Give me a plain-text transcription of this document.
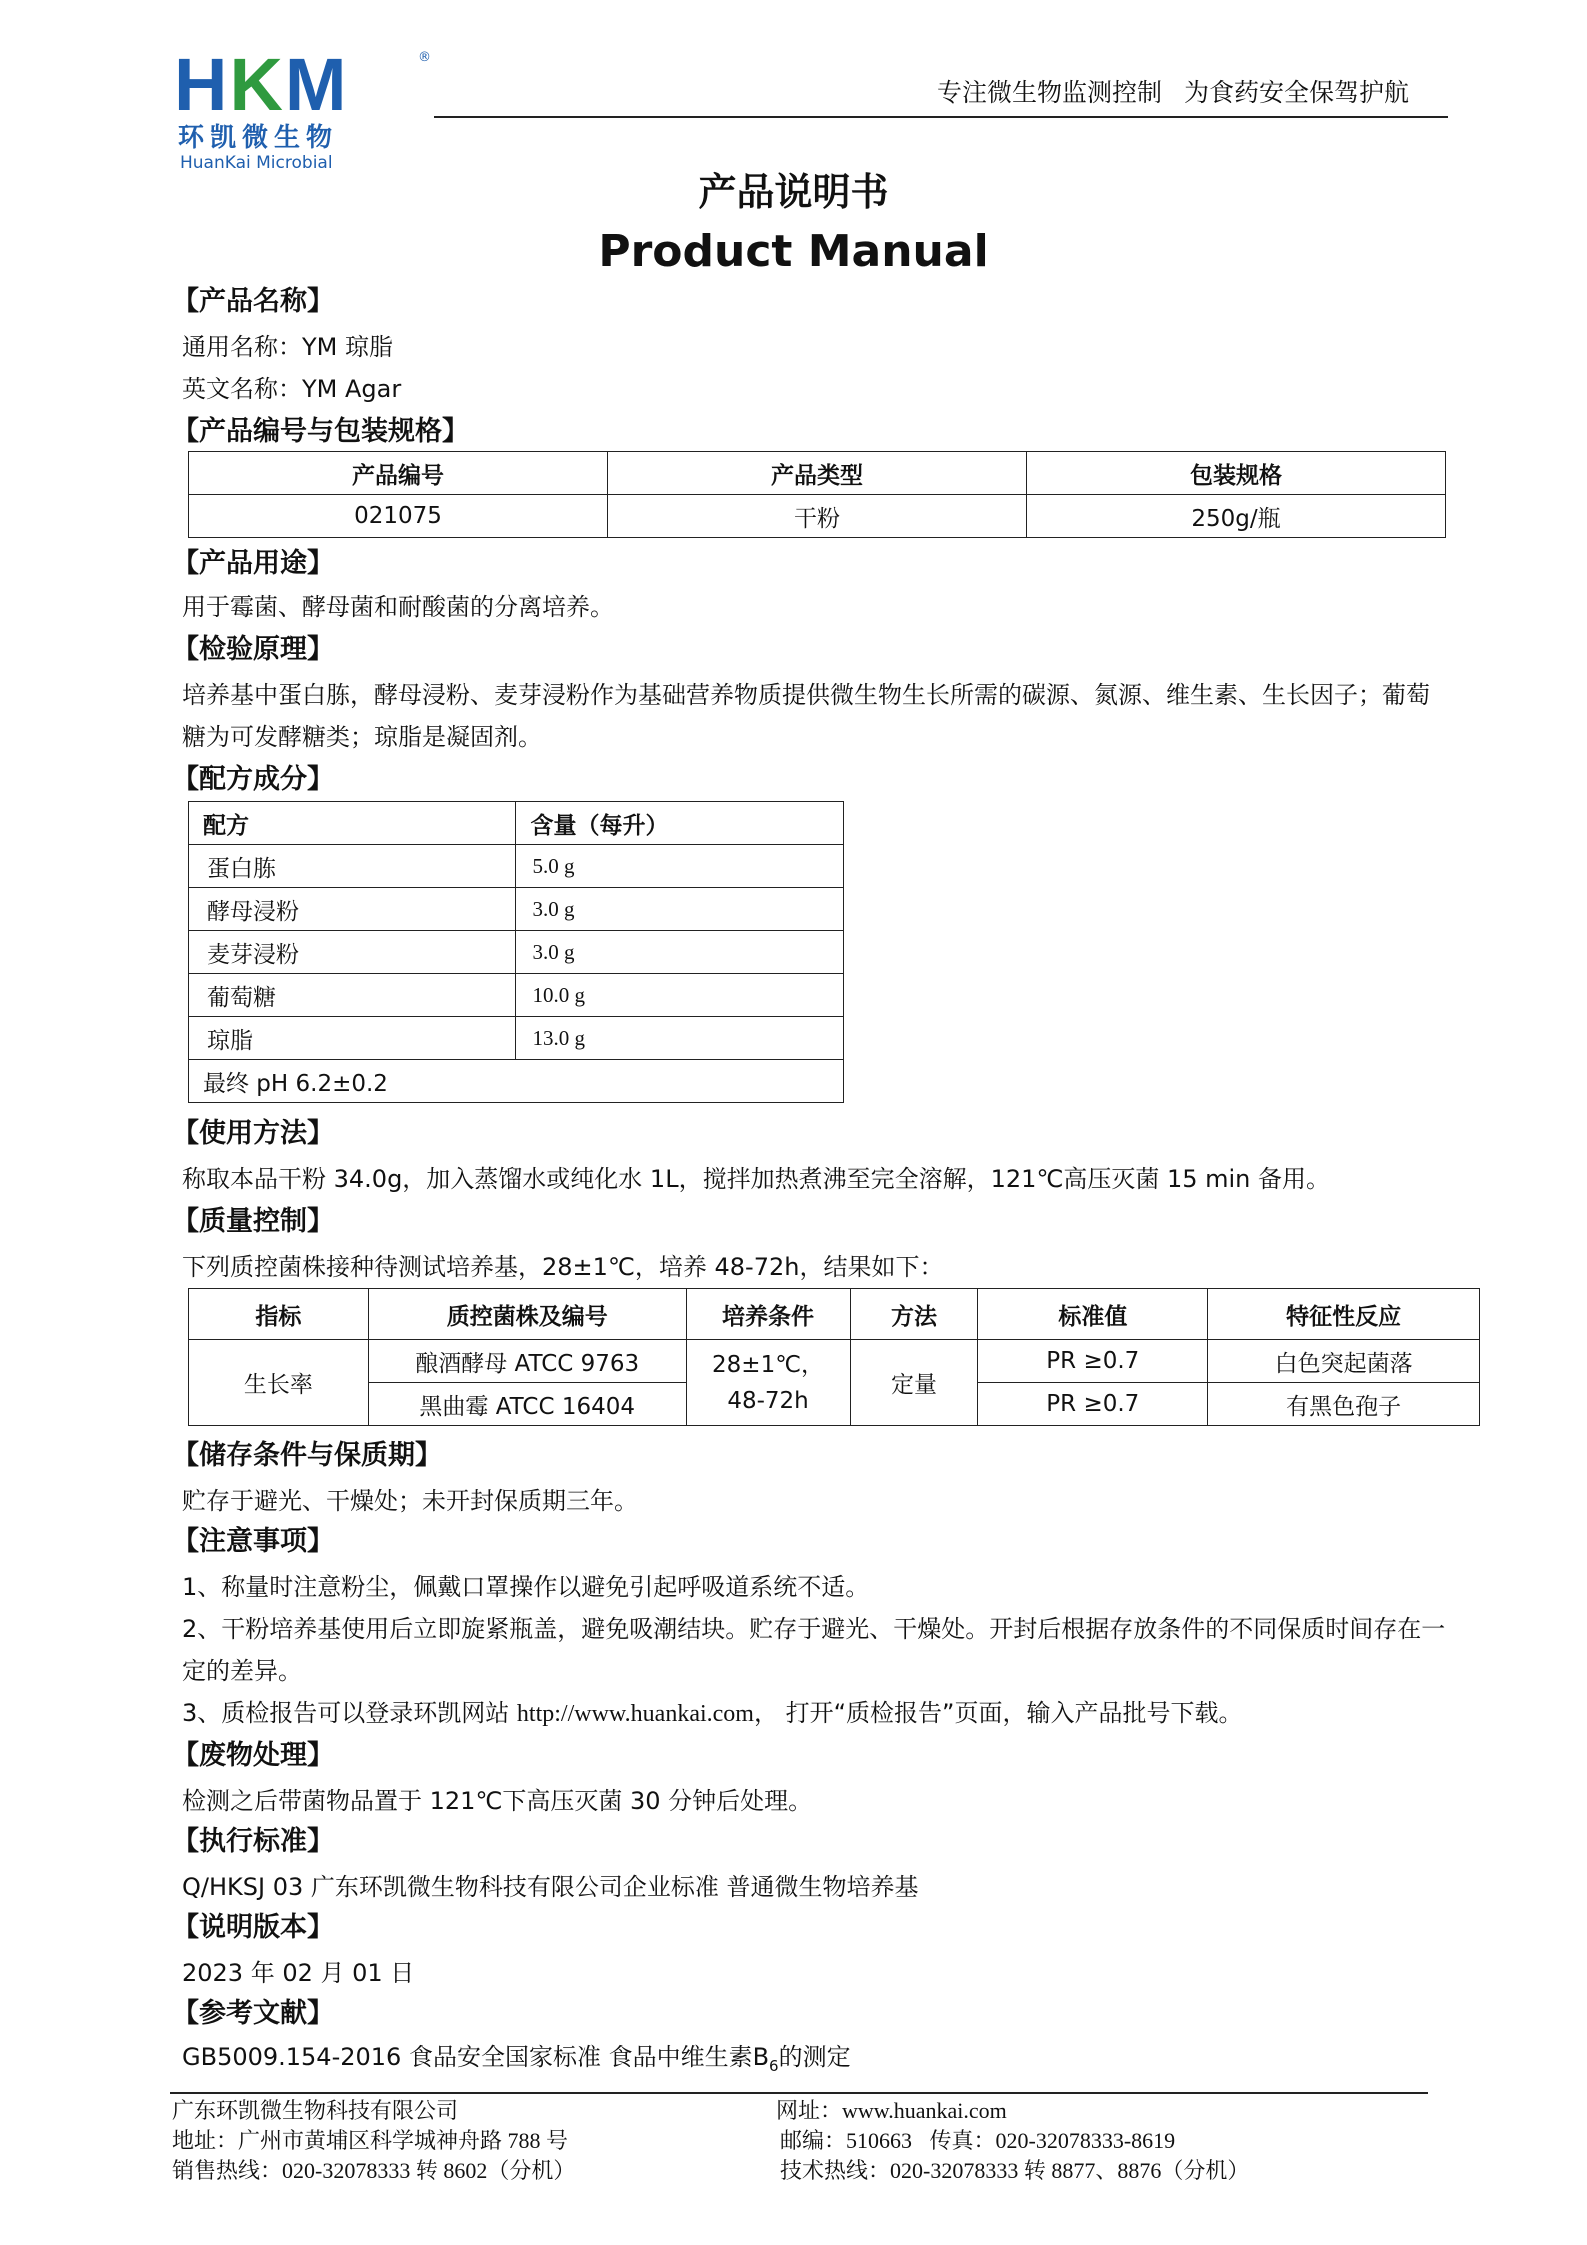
HKM	®
环凯微生物
HuanKai Microbial
专注微生物监测控制 为食药安全保驾护航
产品说明书
Product Manual
【产品名称】
通用名称：YM 琼脂
英文名称：YM Agar
【产品编号与包装规格】
产品编号	产品类型	包装规格
021075	干粉	250g/瓶
【产品用途】
用于霉菌、酵母菌和耐酸菌的分离培养。
【检验原理】
培养基中蛋白胨，酵母浸粉、麦芽浸粉作为基础营养物质提供微生物生长所需的碳源、氮源、维生素、生长因子；葡萄
糖为可发酵糖类；琼脂是凝固剂。
【配方成分】
配方	含量（每升）
蛋白胨	5.0 g
酵母浸粉	3.0 g
麦芽浸粉	3.0 g
葡萄糖	10.0 g
琼脂	13.0 g
最终 pH 6.2±0.2	
【使用方法】
称取本品干粉 34.0g，加入蒸馏水或纯化水 1L，搅拌加热煮沸至完全溶解，121℃高压灭菌 15 min 备用。
【质量控制】
下列质控菌株接种待测试培养基，28±1℃，培养 48-72h，结果如下：
指标	质控菌株及编号	培养条件	方法	标准值	特征性反应
生长率	酿酒酵母 ATCC 9763	28±1℃，
48-72h	定量	PR ≥0.7	白色突起菌落
	黑曲霉 ATCC 16404			PR ≥0.7	有黑色孢子
【储存条件与保质期】
贮存于避光、干燥处；未开封保质期三年。
【注意事项】
1、称量时注意粉尘，佩戴口罩操作以避免引起呼吸道系统不适。
2、干粉培养基使用后立即旋紧瓶盖，避免吸潮结块。贮存于避光、干燥处。开封后根据存放条件的不同保质时间存在一
定的差异。
3、质检报告可以登录环凯网站 http://www.huankai.com， 打开“质检报告”页面，输入产品批号下载。
【废物处理】
检测之后带菌物品置于 121℃下高压灭菌 30 分钟后处理。
【执行标准】
Q/HKSJ 03 广东环凯微生物科技有限公司企业标准 普通微生物培养基
【说明版本】
2023 年 02 月 01 日
【参考文献】
GB5009.154-2016 食品安全国家标准 食品中维生素$B_6$的测定
广东环凯微生物科技有限公司
地址：广州市黄埔区科学城神舟路 788 号
销售热线：020-32078333 转 8602（分机）
网址：www.huankai.com
邮编：510663 传真：020-32078333-8619
技术热线：020-32078333 转 8877、8876（分机）
